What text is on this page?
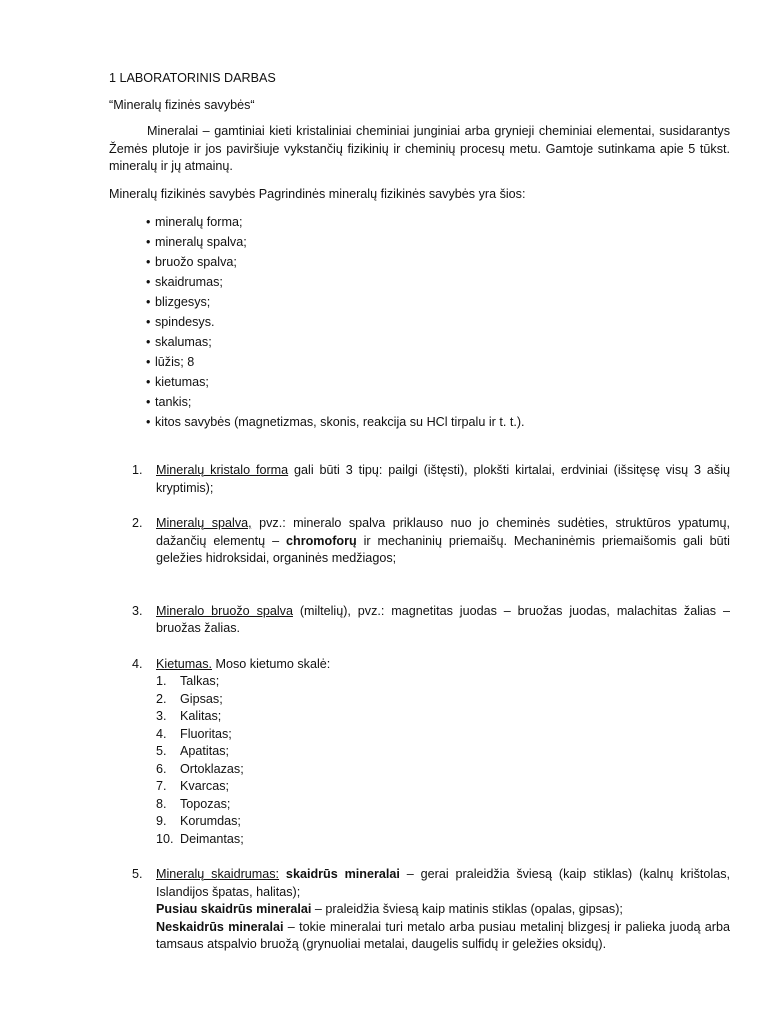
1 LABORATORINIS DARBAS

“Mineralų fizinės savybės“

Mineralai – gamtiniai kieti kristaliniai cheminiai junginiai arba grynieji cheminiai elementai, susidarantys Žemės plutoje ir jos paviršiuje vykstančių fizikinių ir cheminių procesų metu. Gamtoje sutinkama apie 5 tūkst. mineralų ir jų atmainų.

Mineralų fizikinės savybės Pagrindinės mineralų fizikinės savybės yra šios:

• mineralų forma;
• mineralų spalva;
• bruožo spalva;
• skaidrumas;
• blizgesys;
• spindesys.
• skalumas;
• lūžis; 8
• kietumas;
• tankis;
• kitos savybės (magnetizmas, skonis, reakcija su HCl tirpalu ir t. t.).
1. Mineralų kristalo forma gali būti 3 tipų: pailgi (ištęsti), plokšti kirtalai, erdviniai (išsitęsę visų 3 ašių kryptimis);
2. Mineralų spalva, pvz.: mineralo spalva priklauso nuo jo cheminės sudėties, struktūros ypatumų, dažančių elementų – chromoforų ir mechaninių priemaišų. Mechaninėmis priemaišomis gali būti geležies hidroksidai, organinės medžiagos;
3. Mineralo bruožo spalva (miltelių), pvz.: magnetitas juodas – bruožas juodas, malachitas žalias – bruožas žalias.
4. Kietumas. Moso kietumo skalė:
1. Talkas;
2. Gipsas;
3. Kalitas;
4. Fluoritas;
5. Apatitas;
6. Ortoklazas;
7. Kvarcas;
8. Topozas;
9. Korumdas;
10. Deimantas;
5. Mineralų skaidrumas: skaidrūs mineralai – gerai praleidžia šviesą (kaip stiklas) (kalnų krištolas, Islandijos špatas, halitas);
Pusiau skaidrūs mineralai – praleidžia šviesą kaip matinis stiklas (opalas, gipsas);
Neskaidrūs mineralai – tokie mineralai turi metalo arba pusiau metalinį blizgesį ir palieka juodą arba tamsaus atspalvio bruožą (grynuoliai metalai, daugelis sulfidų ir geležies oksidų).
